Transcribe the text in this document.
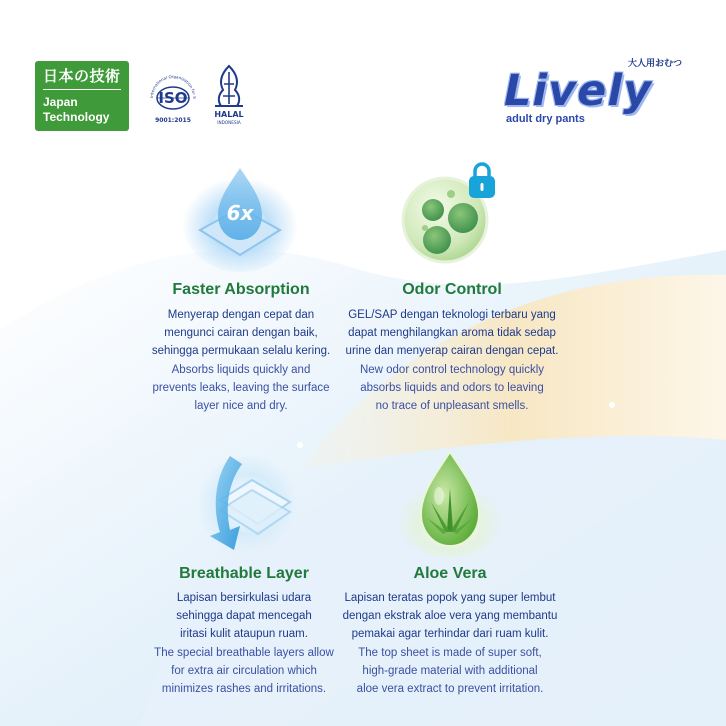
日本の技術
Japan
Technology
International Organization for S
ISO
9001:2015
HALAL
INDONESIA
大人用おむつ
Lively
adult dry pants
6x
Faster Absorption
Menyerap dengan cepat dan
mengunci cairan dengan baik,
sehingga permukaan selalu kering.
Absorbs liquids quickly and
prevents leaks, leaving the surface
layer nice and dry.
Odor Control
GEL/SAP dengan teknologi terbaru yang
dapat menghilangkan aroma tidak sedap
urine dan menyerap cairan dengan cepat.
New odor control technology quickly
absorbs liquids and odors to leaving
no trace of unpleasant smells.
Breathable Layer
Lapisan bersirkulasi udara
sehingga dapat mencegah
iritasi kulit ataupun ruam.
The special breathable layers allow
for extra air circulation which
minimizes rashes and irritations.
Aloe Vera
Lapisan teratas popok yang super lembut
dengan ekstrak aloe vera yang membantu
pemakai agar terhindar dari ruam kulit.
The top sheet is made of super soft,
high-grade material with additional
aloe vera extract to prevent irritation.
